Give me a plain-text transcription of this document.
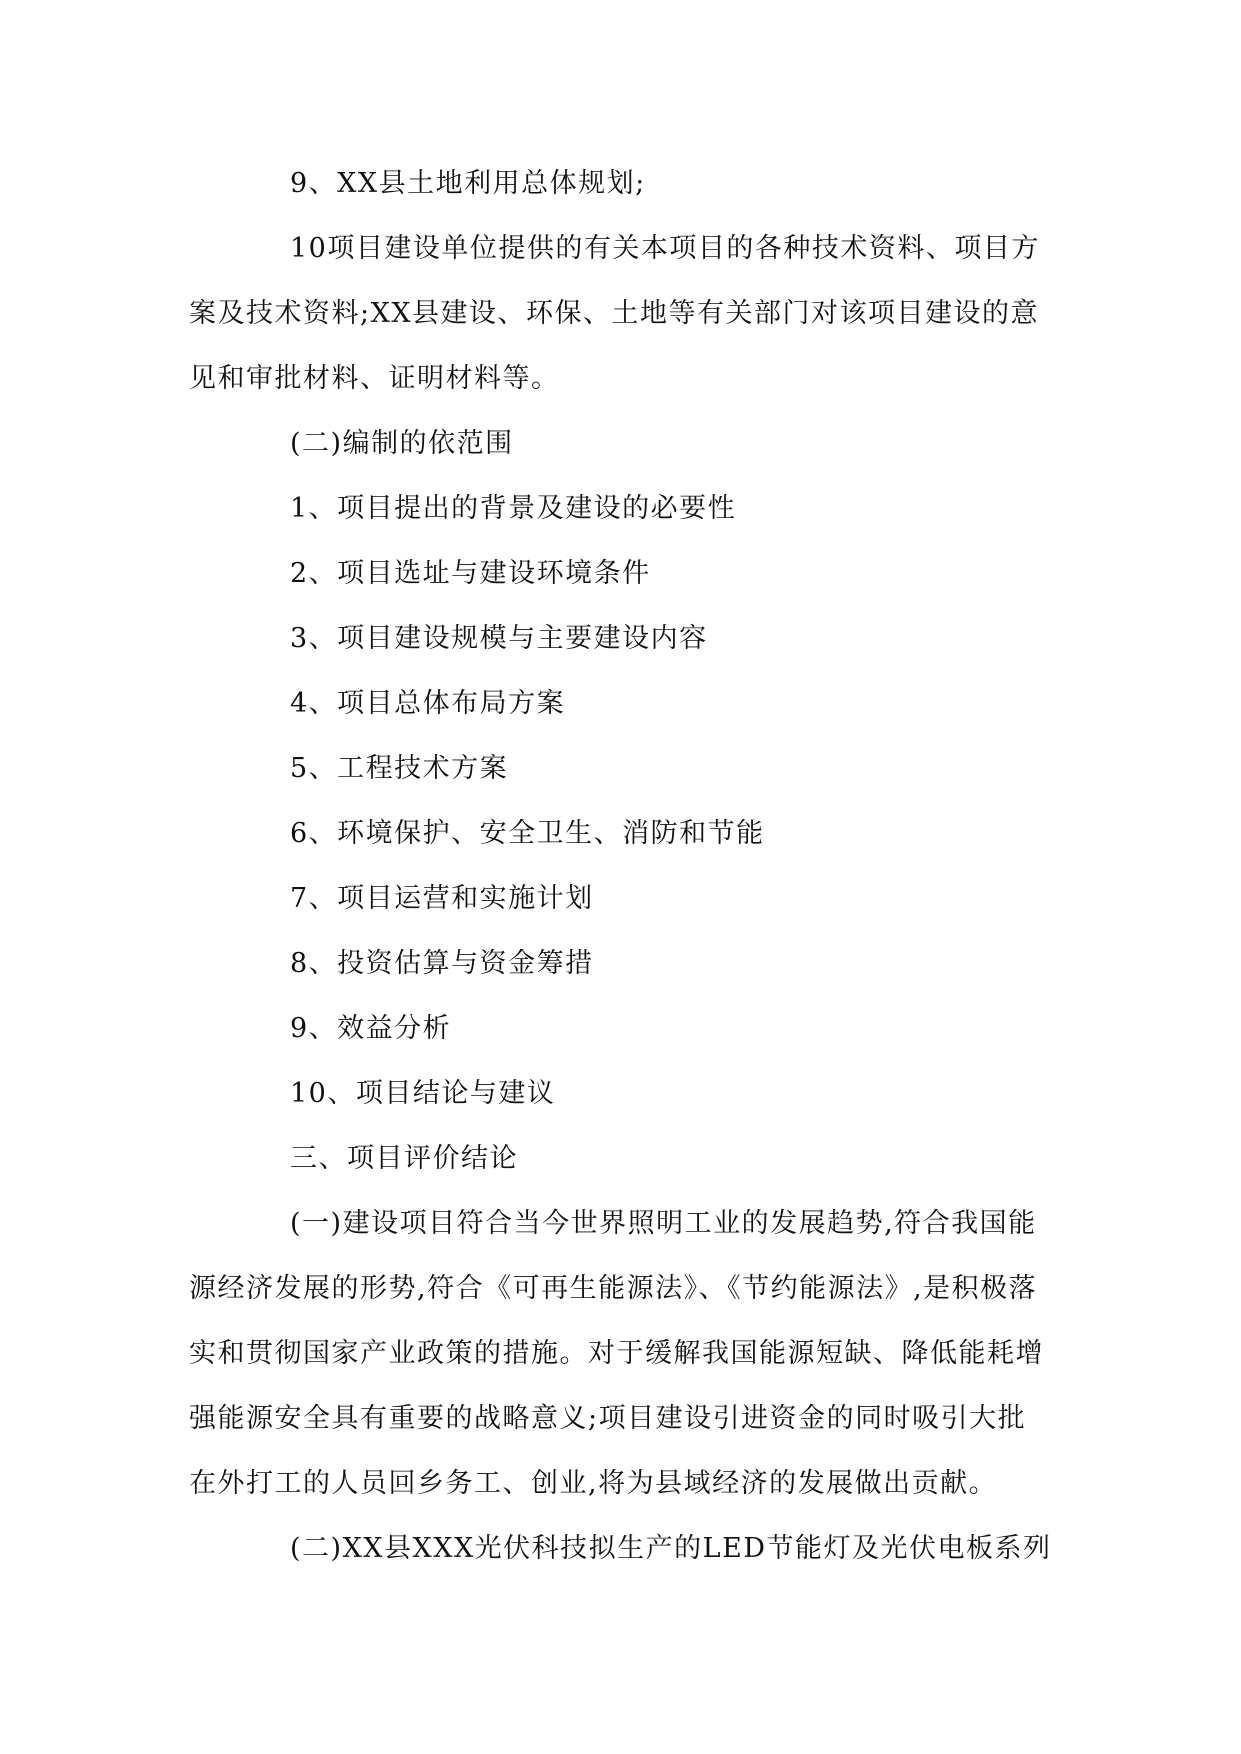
9、XX县土地利用总体规划;
10项目建设单位提供的有关本项目的各种技术资料、项目方
案及技术资料;XX县建设、环保、土地等有关部门对该项目建设的意
见和审批材料、证明材料等。
(二)编制的依范围
1、项目提出的背景及建设的必要性
2、项目选址与建设环境条件
3、项目建设规模与主要建设内容
4、项目总体布局方案
5、工程技术方案
6、环境保护、安全卫生、消防和节能
7、项目运营和实施计划
8、投资估算与资金筹措
9、效益分析
10、项目结论与建议
三、项目评价结论
(一)建设项目符合当今世界照明工业的发展趋势,符合我国能
源经济发展的形势,符合《可再生能源法》、《节约能源法》,是积极落
实和贯彻国家产业政策的措施。对于缓解我国能源短缺、降低能耗增
强能源安全具有重要的战略意义;项目建设引进资金的同时吸引大批
在外打工的人员回乡务工、创业,将为县域经济的发展做出贡献。
(二)XX县XXX光伏科技拟生产的LED节能灯及光伏电板系列
